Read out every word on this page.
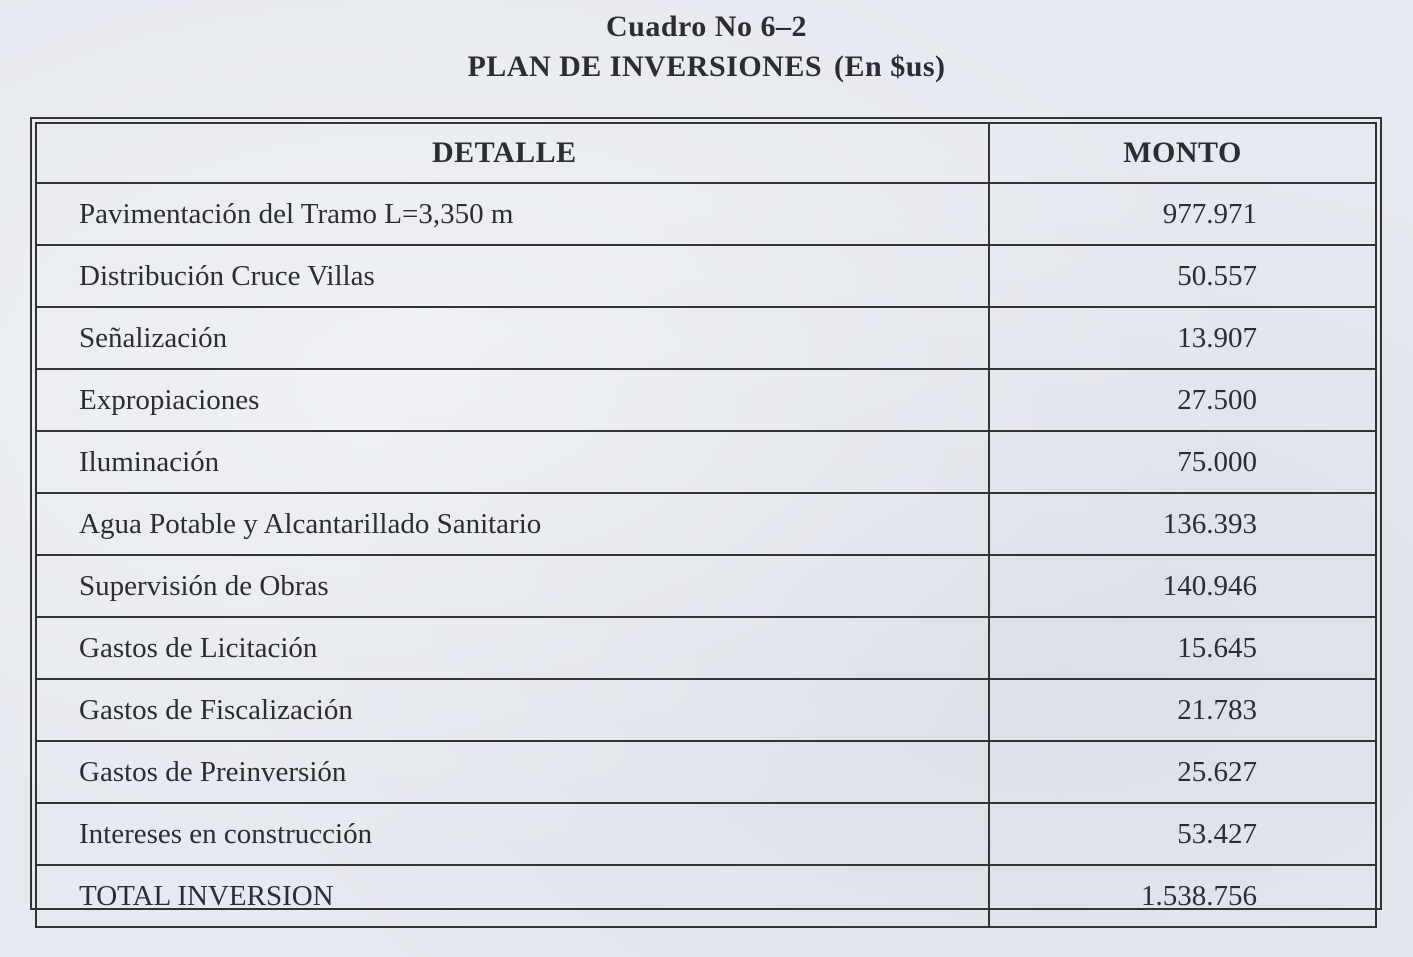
Cuadro No 6–2
PLAN DE INVERSIONES (En $us)
DETALLE	MONTO
Pavimentación del Tramo L=3,350 m	977.971
Distribución Cruce Villas	50.557
Señalización	13.907
Expropiaciones	27.500
Iluminación	75.000
Agua Potable y Alcantarillado Sanitario	136.393
Supervisión de Obras	140.946
Gastos de Licitación	15.645
Gastos de Fiscalización	21.783
Gastos de Preinversión	25.627
Intereses en construcción	53.427
TOTAL INVERSION	1.538.756
